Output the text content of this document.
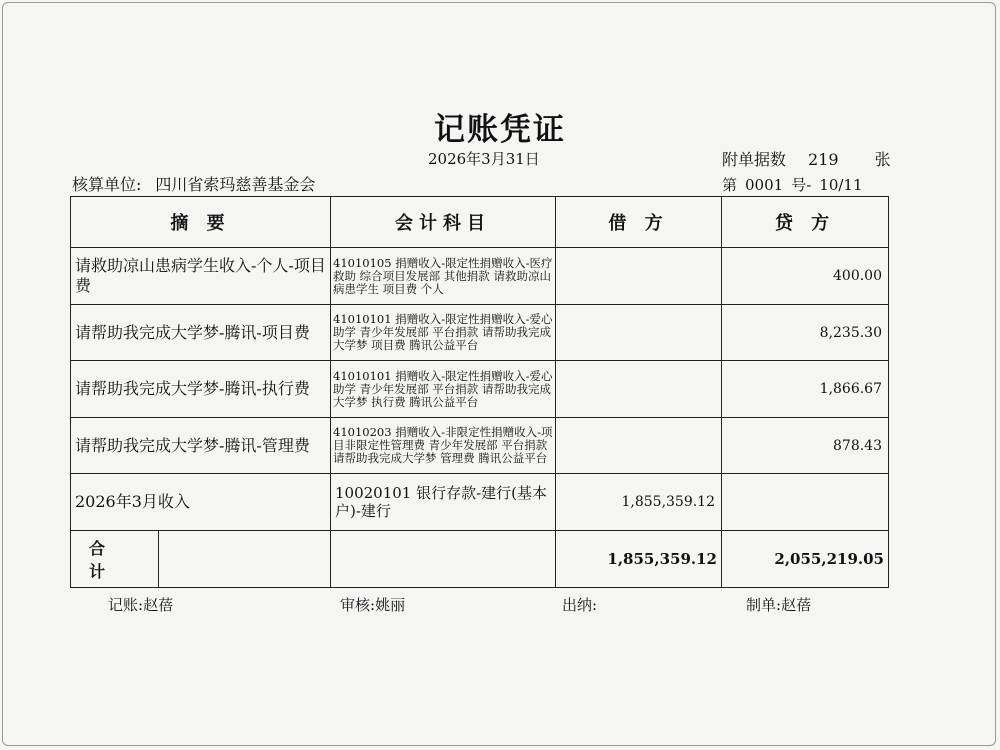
记账凭证
2026年3月31日	附单据数 219 张
核算单位: 四川省索玛慈善基金会	第 0001 号- 10/11
摘 要		会计科目	借 方	贷 方
请救助凉山患病学生收入-个人-项目费		41010105 捐赠收入-限定性捐赠收入-医疗救助 综合项目发展部 其他捐款 请救助凉山病患学生 项目费 个人		400.00
请帮助我完成大学梦-腾讯-项目费		41010101 捐赠收入-限定性捐赠收入-爱心助学 青少年发展部 平台捐款 请帮助我完成大学梦 项目费 腾讯公益平台		8,235.30
请帮助我完成大学梦-腾讯-执行费		41010101 捐赠收入-限定性捐赠收入-爱心助学 青少年发展部 平台捐款 请帮助我完成大学梦 执行费 腾讯公益平台		1,866.67
请帮助我完成大学梦-腾讯-管理费		41010203 捐赠收入-非限定性捐赠收入-项目非限定性管理费 青少年发展部 平台捐款 请帮助我完成大学梦 管理费 腾讯公益平台		878.43
2026年3月收入		10020101 银行存款-建行(基本户)-建行	1,855,359.12	
合 计			1,855,359.12	2,055,219.05
记账:赵蓓	审核:姚丽	出纳:	制单:赵蓓
